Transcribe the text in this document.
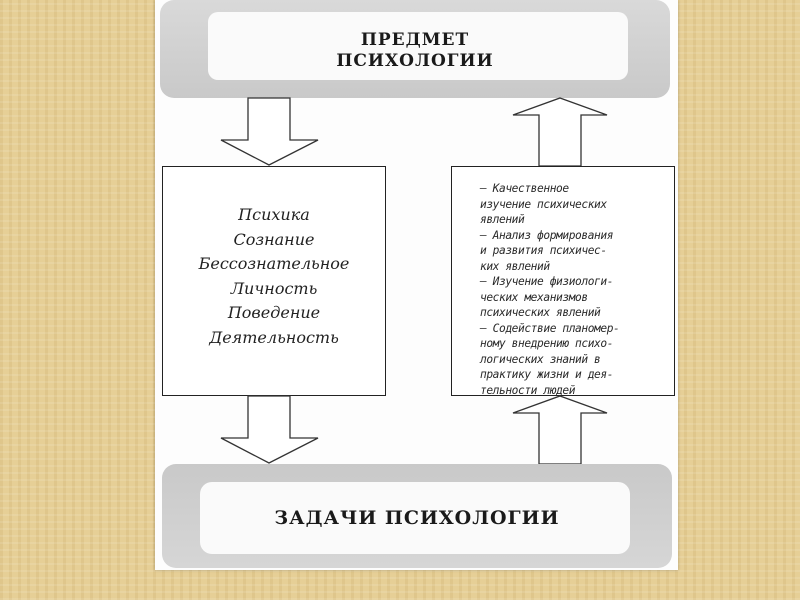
ПРЕДМЕТ
ПСИХОЛОГИИ
Психика
Сознание
Бессознательное
Личность
Поведение
Деятельность
– Качественное
изучение психических
явлений
– Анализ формирования
и развития психичес-
ких явлений
– Изучение физиологи-
ческих механизмов
психических явлений
– Содействие планомер-
ному внедрению психо-
логических знаний в
практику жизни и дея-
тельности людей
ЗАДАЧИ ПСИХОЛОГИИ
